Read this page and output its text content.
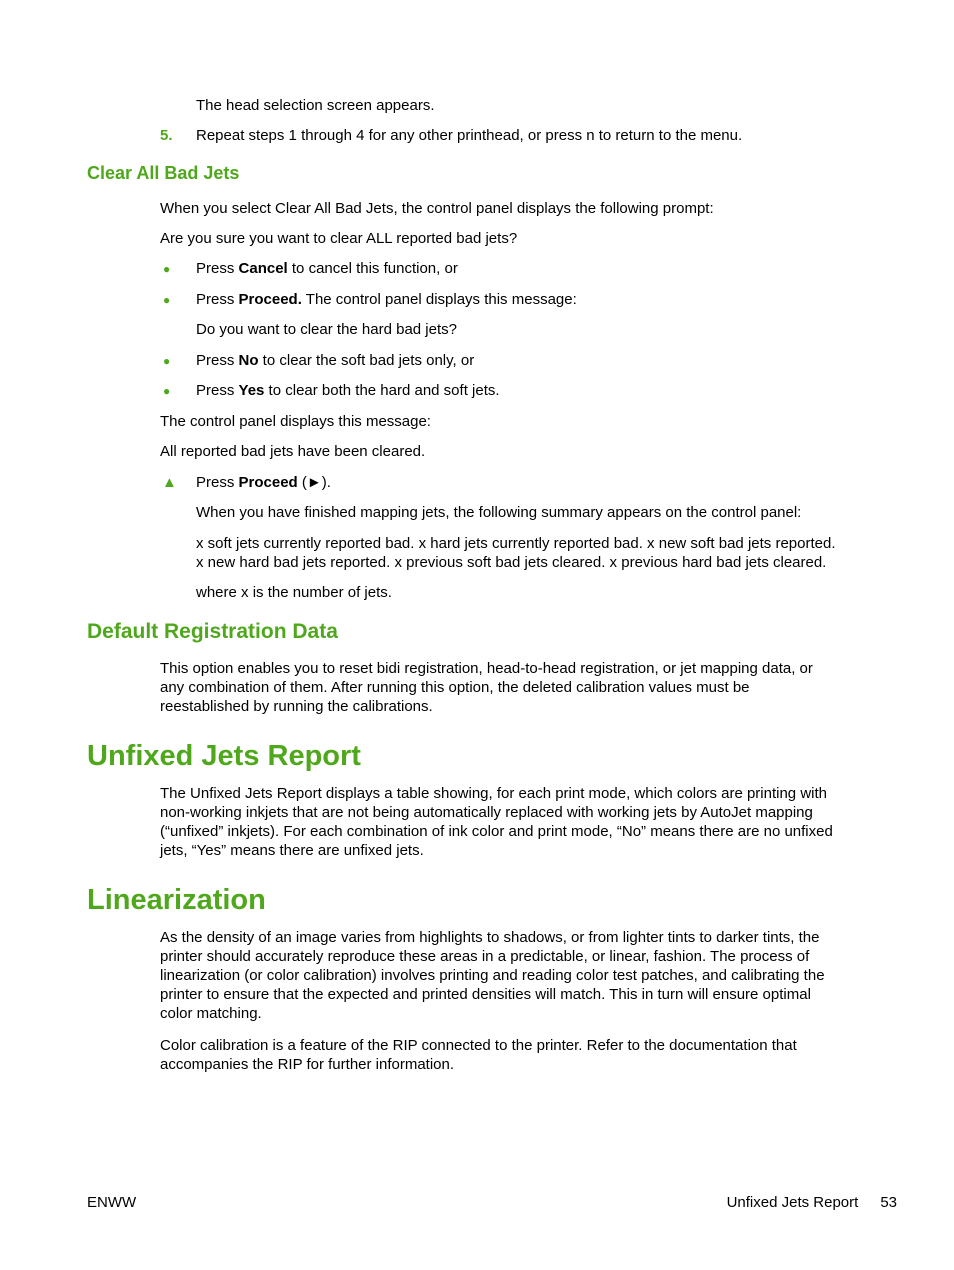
The head selection screen appears.
5. Repeat steps 1 through 4 for any other printhead, or press n to return to the menu.
Clear All Bad Jets
When you select Clear All Bad Jets, the control panel displays the following prompt:
Are you sure you want to clear ALL reported bad jets?
● Press Cancel to cancel this function, or
● Press Proceed. The control panel displays this message:
Do you want to clear the hard bad jets?
● Press No to clear the soft bad jets only, or
● Press Yes to clear both the hard and soft jets.
The control panel displays this message:
All reported bad jets have been cleared.
▲ Press Proceed (►).
When you have finished mapping jets, the following summary appears on the control panel:
x soft jets currently reported bad. x hard jets currently reported bad. x new soft bad jets reported.
x new hard bad jets reported. x previous soft bad jets cleared. x previous hard bad jets cleared.
where x is the number of jets.
Default Registration Data
This option enables you to reset bidi registration, head-to-head registration, or jet mapping data, or
any combination of them. After running this option, the deleted calibration values must be
reestablished by running the calibrations.
Unfixed Jets Report
The Unfixed Jets Report displays a table showing, for each print mode, which colors are printing with
non-working inkjets that are not being automatically replaced with working jets by AutoJet mapping
(“unfixed” inkjets). For each combination of ink color and print mode, “No” means there are no unfixed
jets, “Yes” means there are unfixed jets.
Linearization
As the density of an image varies from highlights to shadows, or from lighter tints to darker tints, the
printer should accurately reproduce these areas in a predictable, or linear, fashion. The process of
linearization (or color calibration) involves printing and reading color test patches, and calibrating the
printer to ensure that the expected and printed densities will match. This in turn will ensure optimal
color matching.
Color calibration is a feature of the RIP connected to the printer. Refer to the documentation that
accompanies the RIP for further information.
ENWW	Unfixed Jets Report 53
